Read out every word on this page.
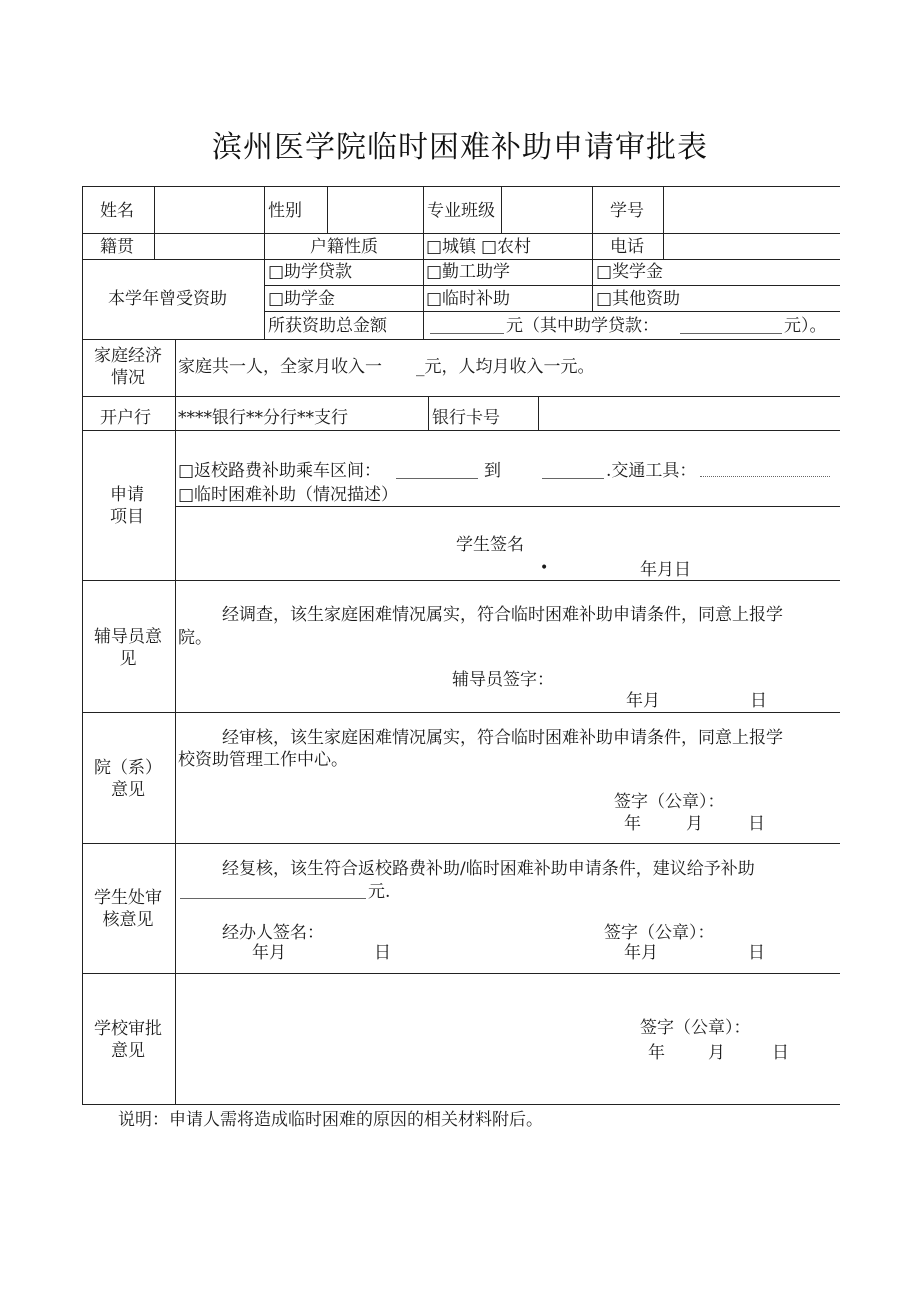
滨州医学院临时困难补助申请审批表
姓名	性别	专业班级	学号
籍贯	户籍性质	□城镇 □农村	电话
本学年曾受资助
□助学贷款	□勤工助学	□奖学金
□助学金	□临时补助	□其他资助
所获资助总金额	元（其中助学贷款：	元）。
家庭经济情况
家庭共一人，全家月收入一　　_元，人均月收入一元。
开户行 ****银行**分行**支行	银行卡号
申请项目
□返校路费补助乘车区间：	到	.交通工具：
□临时困难补助（情况描述）
学生签名
•	年月日
辅导员意见
经调查，该生家庭困难情况属实，符合临时困难补助申请条件，同意上报学
院。
辅导员签字：
年月	日
院（系）意见
经审核，该生家庭困难情况属实，符合临时困难补助申请条件，同意上报学
校资助管理工作中心。
签字（公章）：
年	月	日
学生处审核意见
经复核，该生符合返校路费补助/临时困难补助申请条件，建议给予补助
元.
经办人签名：	签字（公章）：
年月	日	年月	日
学校审批意见
签字（公章）：
年	月	日
说明：申请人需将造成临时困难的原因的相关材料附后。
